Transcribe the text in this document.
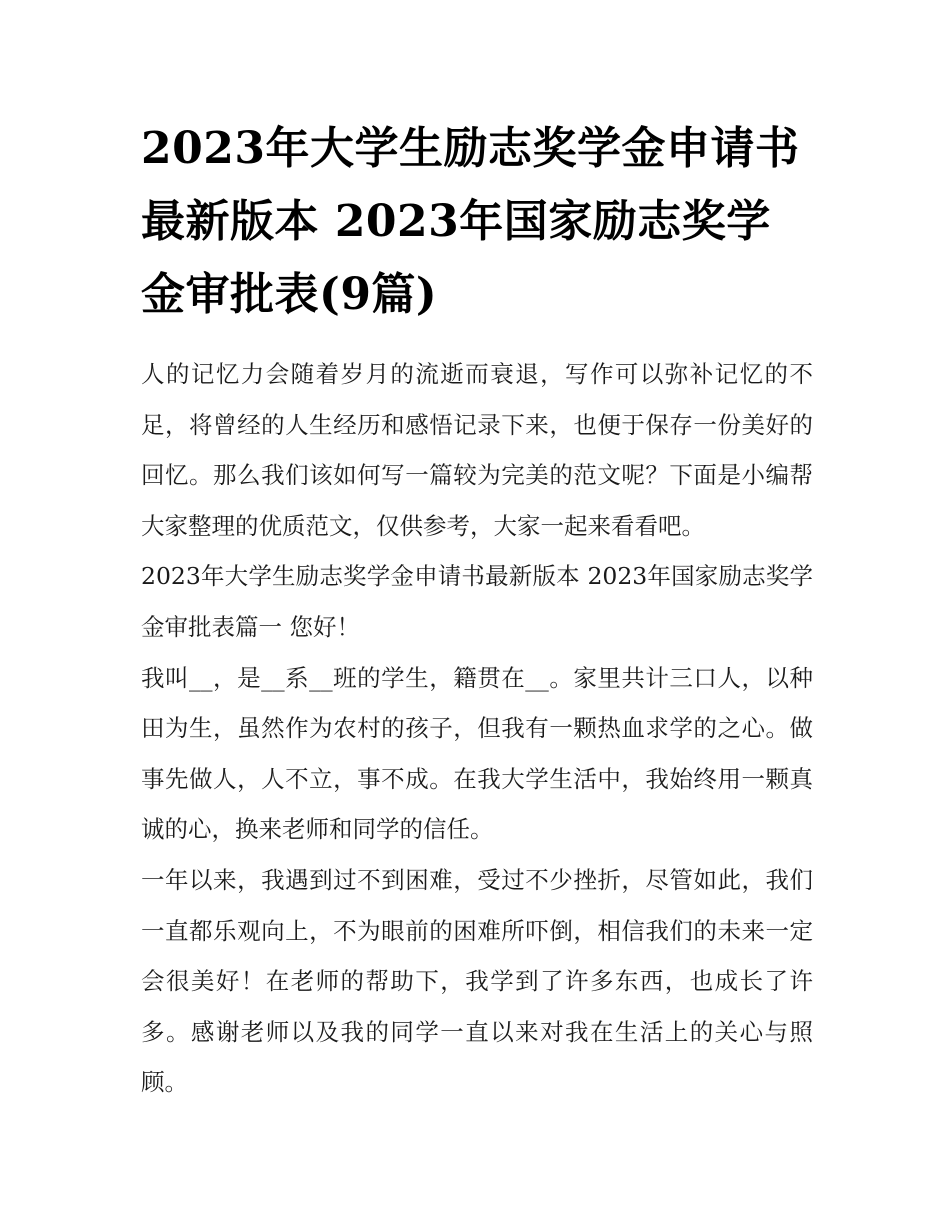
2023年大学生励志奖学金申请书最新版本 2023年国家励志奖学金审批表(9篇)

人的记忆力会随着岁月的流逝而衰退，写作可以弥补记忆的不足，将曾经的人生经历和感悟记录下来，也便于保存一份美好的回忆。那么我们该如何写一篇较为完美的范文呢？下面是小编帮大家整理的优质范文，仅供参考，大家一起来看看吧。

2023年大学生励志奖学金申请书最新版本 2023年国家励志奖学金审批表篇一 您好！

我叫__，是__系__班的学生，籍贯在__。家里共计三口人，以种田为生，虽然作为农村的孩子，但我有一颗热血求学的之心。做事先做人，人不立，事不成。在我大学生活中，我始终用一颗真诚的心，换来老师和同学的信任。

一年以来，我遇到过不到困难，受过不少挫折，尽管如此，我们一直都乐观向上，不为眼前的困难所吓倒，相信我们的未来一定会很美好！在老师的帮助下，我学到了许多东西，也成长了许多。感谢老师以及我的同学一直以来对我在生活上的关心与照顾。
